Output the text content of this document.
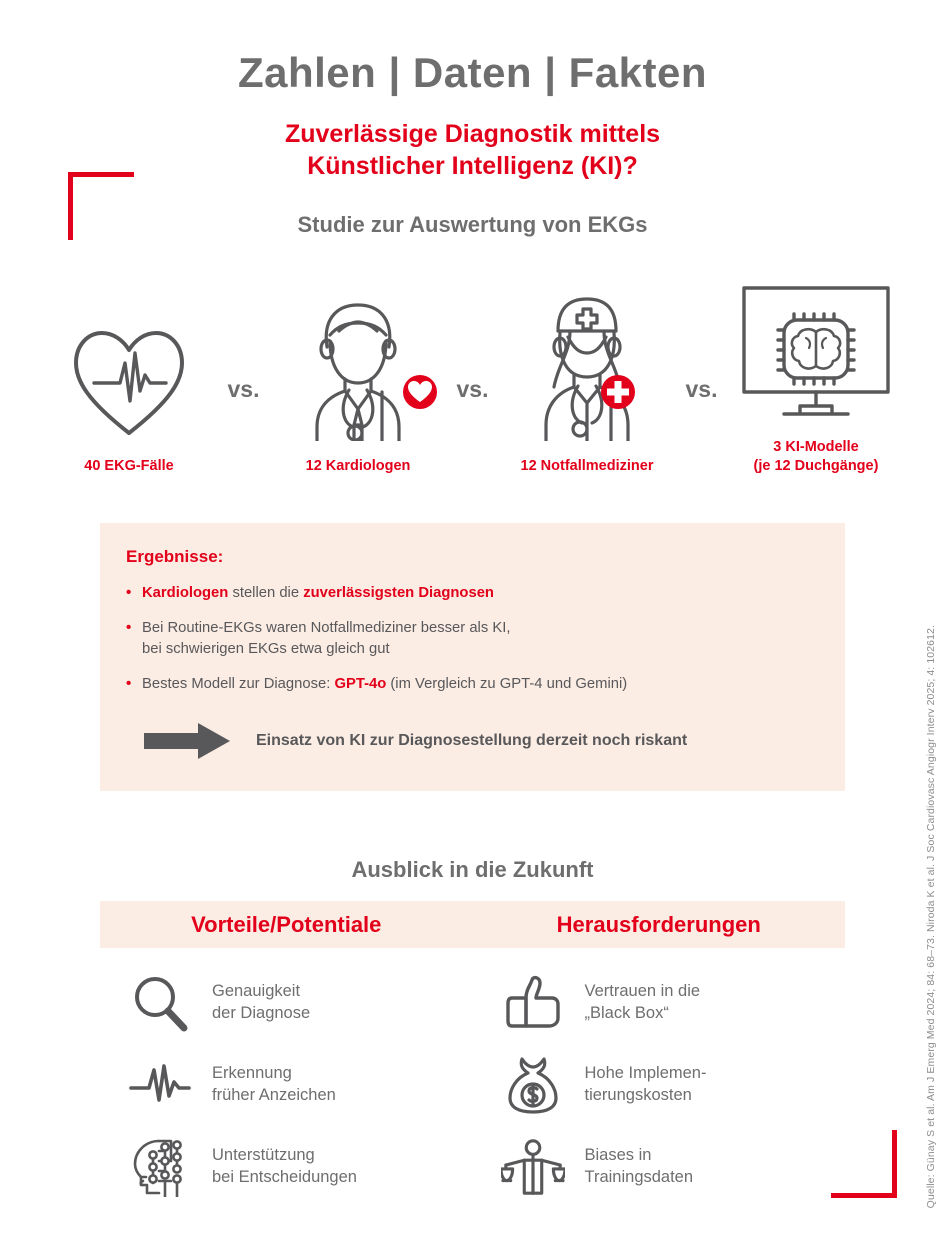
Zahlen | Daten | Fakten
Zuverlässige Diagnostik mittels
Künstlicher Intelligenz (KI)?
Studie zur Auswertung von EKGs
40 EKG-Fälle
vs.
12 Kardiologen
vs.
12 Notfallmediziner
vs.
3 KI-Modelle
(je 12 Duchgänge)
Ergebnisse:
• Kardiologen stellen die zuverlässigsten Diagnosen
• Bei Routine-EKGs waren Notfallmediziner besser als KI,
bei schwierigen EKGs etwa gleich gut
• Bestes Modell zur Diagnose: GPT-4o (im Vergleich zu GPT-4 und Gemini)
Einsatz von KI zur Diagnosestellung derzeit noch riskant
Ausblick in die Zukunft
Vorteile/Potentiale	Herausforderungen
Genauigkeit
der Diagnose
Erkennung
früher Anzeichen
Unterstützung
bei Entscheidungen
Vertrauen in die
„Black Box“
Hohe Implemen-
tierungskosten
Biases in
Trainingsdaten	Quelle: Günay S et al. Am J Emerg Med 2024; 84: 68–73. Niroda K et al. J Soc Cardiovasc Angiogr Interv 2025; 4: 102612.
